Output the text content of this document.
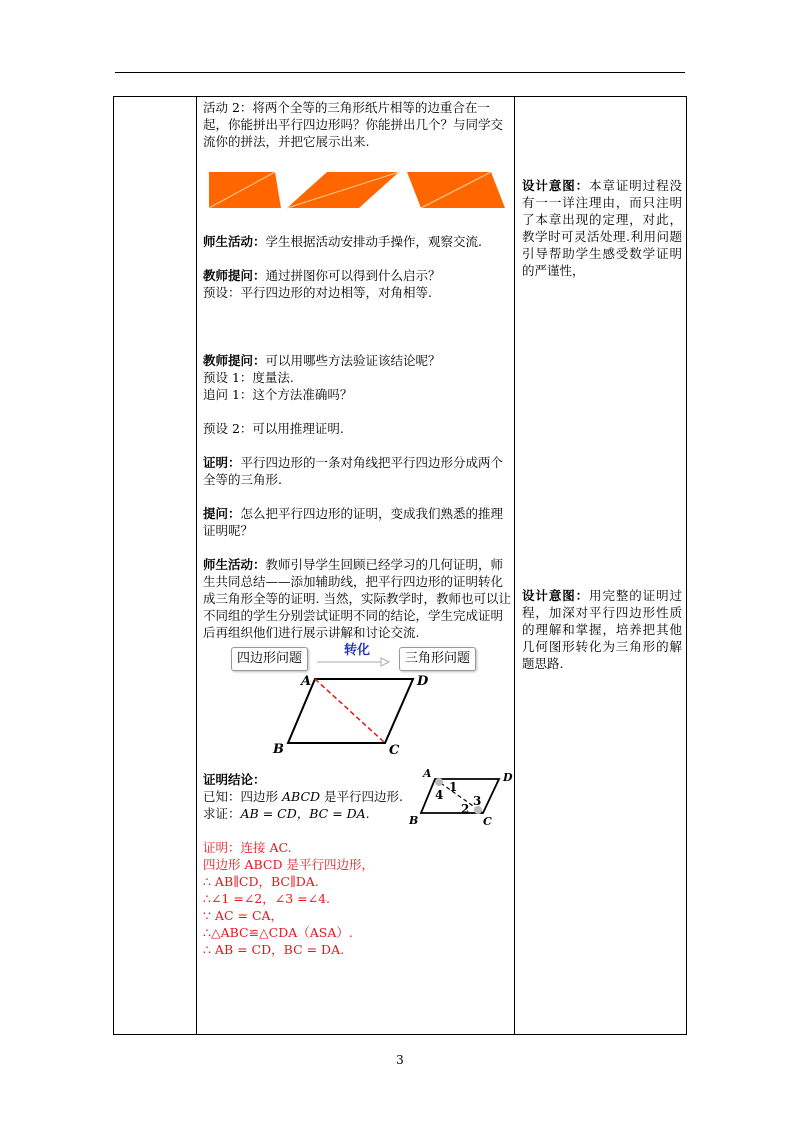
活动 2：将两个全等的三角形纸片相等的边重合在一起，你能拼出平行四边形吗？你能拼出几个？与同学交流你的拼法，并把它展示出来.

师生活动：学生根据活动安排动手操作，观察交流.

教师提问：通过拼图你可以得到什么启示？

预设：平行四边形的对边相等，对角相等.

教师提问：可以用哪些方法验证该结论呢？

预设 1：度量法.

追问 1：这个方法准确吗？

预设 2：可以用推理证明.

证明：平行四边形的一条对角线把平行四边形分成两个全等的三角形.

提问：怎么把平行四边形的证明，变成我们熟悉的推理证明呢？

师生活动：教师引导学生回顾已经学习的几何证明，师生共同总结——添加辅助线，把平行四边形的证明转化成三角形全等的证明. 当然，实际教学时，教师也可以让不同组的学生分别尝试证明不同的结论，学生完成证明后再组织他们进行展示讲解和讨论交流.

四边形问题
转化
三角形问题
A	D
B	C

证明结论：

已知：四边形 ABCD 是平行四边形.

求证：AB = CD，BC = DA.

证明：连接 AC.

四边形 ABCD 是平行四边形，

∴ AB∥CD，BC∥DA.

∴∠1 =∠2，∠3 =∠4.

∵ AC = CA，

∴△ABC≌△CDA（ASA）.

∴ AB = CD，BC = DA.

A	D
B	C
1
4
2
3
设计意图：本章证明过程没有一一详注理由，而只注明了本章出现的定理，对此，教学时可灵活处理.利用问题引导帮助学生感受数学证明的严谨性，
设计意图：用完整的证明过程，加深对平行四边形性质的理解和掌握，培养把其他几何图形转化为三角形的解题思路.
3
